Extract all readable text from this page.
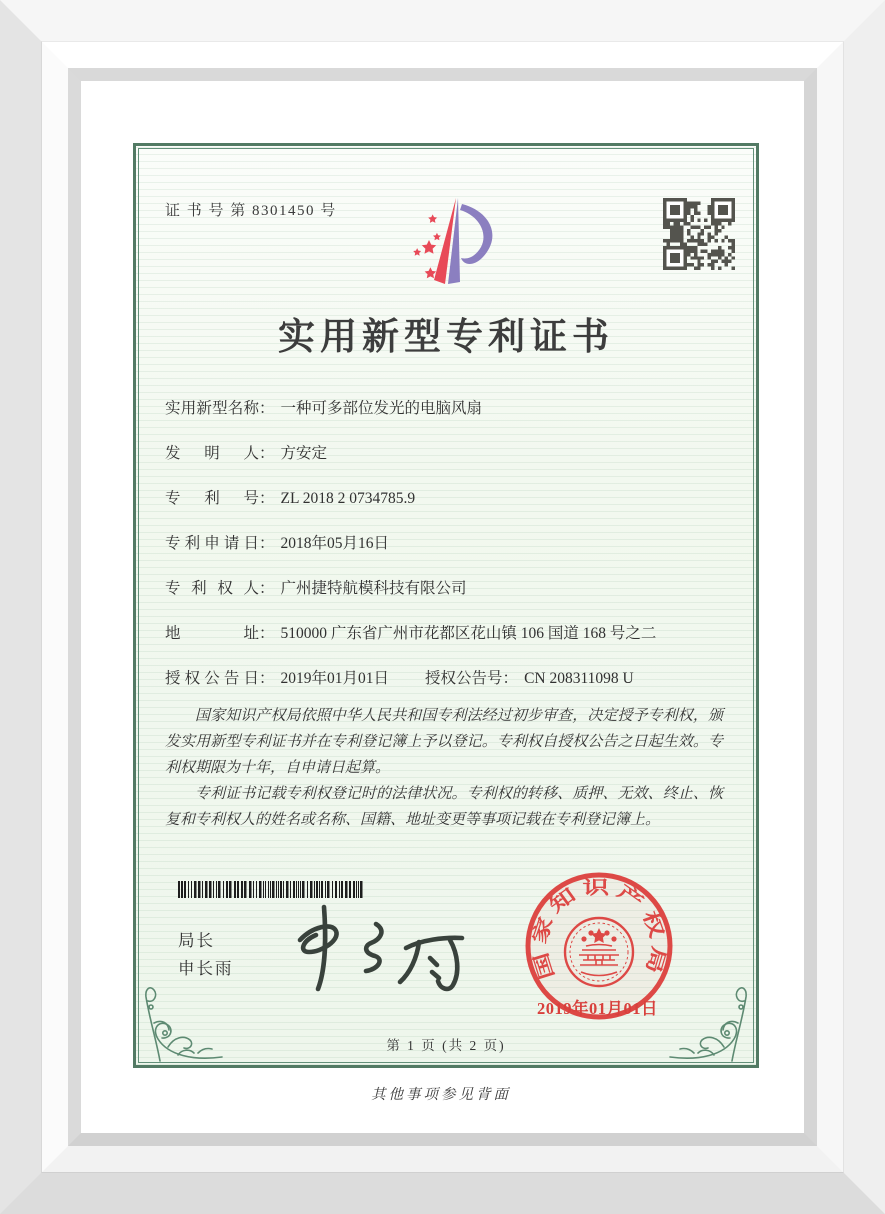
证 书 号 第 8301450 号
实用新型专利证书
实用新型名称： 一种可多部位发光的电脑风扇
发明人： 方安定
专利号： ZL 2018 2 0734785.9
专利申请日： 2018年05月16日
专利权人： 广州捷特航模科技有限公司
地址： 510000 广东省广州市花都区花山镇 106 国道 168 号之二
授权公告日： 2019年01月01日 授权公告号： CN 208311098 U

国家知识产权局依照中华人民共和国专利法经过初步审查，决定授予专利权，颁发实用新型专利证书并在专利登记簿上予以登记。专利权自授权公告之日起生效。专利权期限为十年，自申请日起算。

专利证书记载专利权登记时的法律状况。专利权的转移、质押、无效、终止、恢复和专利权人的姓名或名称、国籍、地址变更等事项记载在专利登记簿上。

局长
申长雨	国家知识产权局
2019年01月01日
第 1 页 (共 2 页)
其他事项参见背面
